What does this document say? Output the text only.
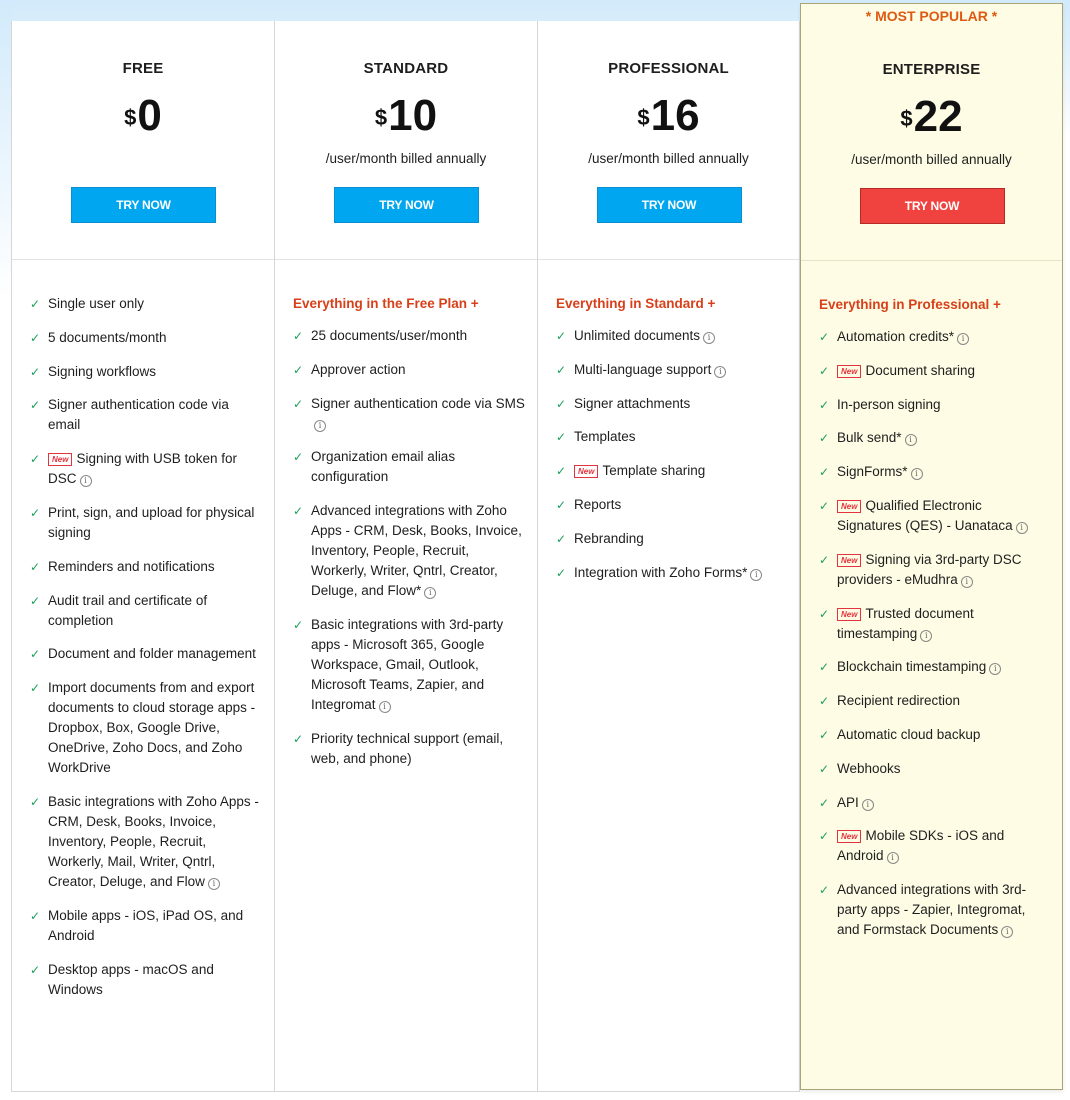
FREE
$0
TRY NOW
✓ Single user only
✓ 5 documents/month
✓ Signing workflows
✓ Signer authentication code via email
✓ New Signing with USB token for DSC i
✓ Print, sign, and upload for physical signing
✓ Reminders and notifications
✓ Audit trail and certificate of completion
✓ Document and folder management
✓ Import documents from and export documents to cloud storage apps - Dropbox, Box, Google Drive, OneDrive, Zoho Docs, and Zoho WorkDrive
✓ Basic integrations with Zoho Apps - CRM, Desk, Books, Invoice, Inventory, People, Recruit, Workerly, Mail, Writer, Qntrl, Creator, Deluge, and Flow i
✓ Mobile apps - iOS, iPad OS, and Android
✓ Desktop apps - macOS and Windows
STANDARD
$10
/user/month billed annually
TRY NOW
Everything in the Free Plan +
✓ 25 documents/user/month
✓ Approver action
✓ Signer authentication code via SMSi
✓ Organization email alias configuration
✓ Advanced integrations with Zoho Apps - CRM, Desk, Books, Invoice, Inventory, People, Recruit, Workerly, Writer, Qntrl, Creator, Deluge, and Flow* i
✓ Basic integrations with 3rd-party apps - Microsoft 365, Google Workspace, Gmail, Outlook, Microsoft Teams, Zapier, and Integromat i
✓ Priority technical support (email, web, and phone)
PROFESSIONAL
$16
/user/month billed annually
TRY NOW
Everything in Standard +
✓ Unlimited documents i
✓ Multi-language support i
✓ Signer attachments
✓ Templates
✓ New Template sharing
✓ Reports
✓ Rebranding
✓ Integration with Zoho Forms* i
ENTERPRISE
$22
/user/month billed annually
TRY NOW
* MOST POPULAR *
Everything in Professional +
✓ Automation credits* i
✓ New Document sharing
✓ In-person signing
✓ Bulk send* i
✓ SignForms* i
✓ New Qualified Electronic Signatures (QES) - Uanataca i
✓ New Signing via 3rd-party DSC providers - eMudhra i
✓ New Trusted document timestamping i
✓ Blockchain timestamping i
✓ Recipient redirection
✓ Automatic cloud backup
✓ Webhooks
✓ API i
✓ New Mobile SDKs - iOS and Android i
✓ Advanced integrations with 3rd-party apps - Zapier, Integromat, and Formstack Documents i
